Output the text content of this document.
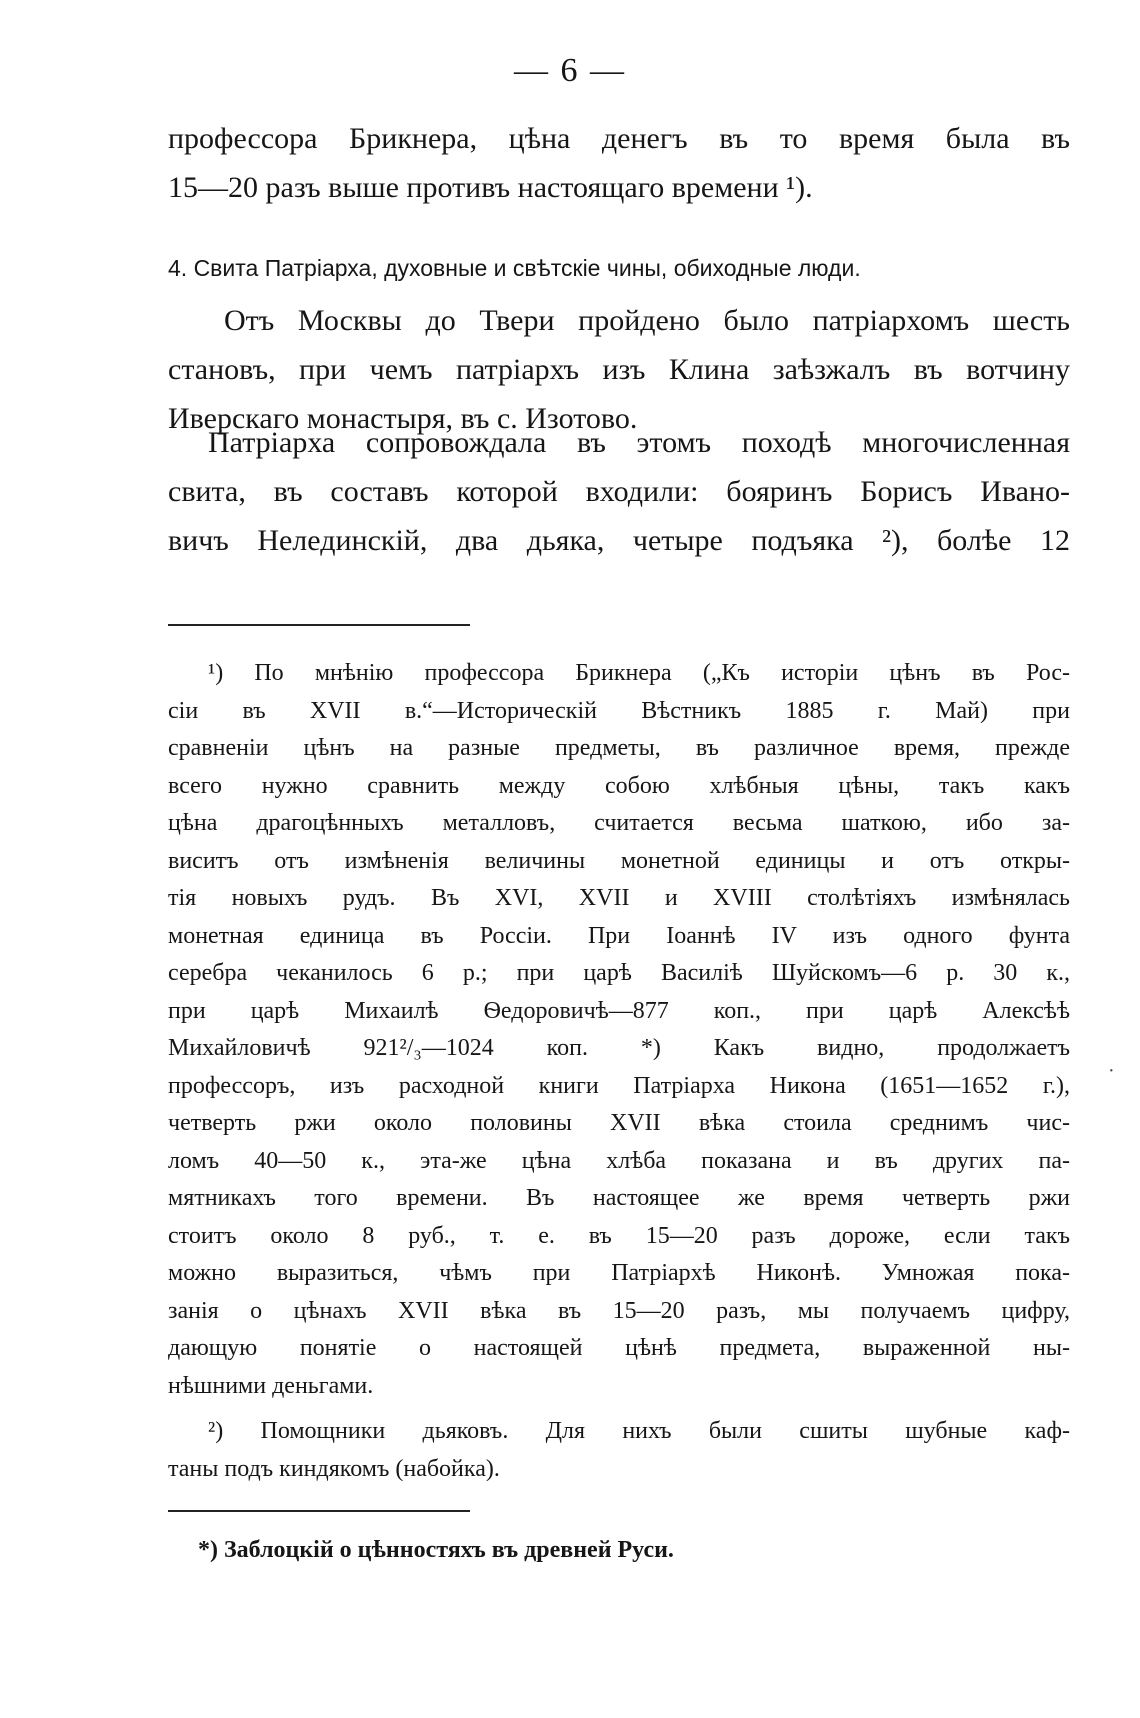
— 6 —
профессора Брикнера, цѣна денегъ въ то время была въ
15—20 разъ выше противъ настоящаго времени ¹).
4. Свита Патріарха, духовные и свѣтскіе чины, обиходные люди.
Отъ Москвы до Твери пройдено было патріархомъ шесть
становъ, при чемъ патріархъ изъ Клина заѣзжалъ въ вотчину
Иверскаго монастыря, въ с. Изотово.
Патріарха сопровождала въ этомъ походѣ многочисленная
свита, въ составъ которой входили: бояринъ Борисъ Ивано-
вичъ Нелединскій, два дьяка, четыре подъяка ²), болѣе 12
¹) По мнѣнію профессора Брикнера („Къ исторіи цѣнъ въ Рос-
сіи въ XVII в.“—Историческій Вѣстникъ 1885 г. Май) при
сравненіи цѣнъ на разные предметы, въ различное время, прежде
всего нужно сравнить между собою хлѣбныя цѣны, такъ какъ
цѣна драгоцѣнныхъ металловъ, считается весьма шаткою, ибо за-
виситъ отъ измѣненія величины монетной единицы и отъ откры-
тія новыхъ рудъ. Въ XVI, XVII и XVIII столѣтіяхъ измѣнялась
монетная единица въ Россіи. При Іоаннѣ IV изъ одного фунта
серебра чеканилось 6 р.; при царѣ Василіѣ Шуйскомъ—6 р. 30 к.,
при царѣ Михаилѣ Ѳедоровичѣ—877 коп., при царѣ Алексѣѣ
Михайловичѣ 921²/₃—1024 коп. *) Какъ видно, продолжаетъ
профессоръ, изъ расходной книги Патріарха Никона (1651—1652 г.),
четверть ржи около половины XVII вѣка стоила среднимъ чис-
ломъ 40—50 к., эта-же цѣна хлѣба показана и въ других па-
мятникахъ того времени. Въ настоящее же время четверть ржи
стоитъ около 8 руб., т. е. въ 15—20 разъ дороже, если такъ
можно выразиться, чѣмъ при Патріархѣ Никонѣ. Умножая пока-
занія о цѣнахъ XVII вѣка въ 15—20 разъ, мы получаемъ цифру,
дающую понятіе о настоящей цѣнѣ предмета, выраженной ны-
нѣшними деньгами.
²) Помощники дьяковъ. Для нихъ были сшиты шубные каф-
таны подъ киндякомъ (набойка).
*) Заблоцкій о цѣнностяхъ въ древней Руси.
·
